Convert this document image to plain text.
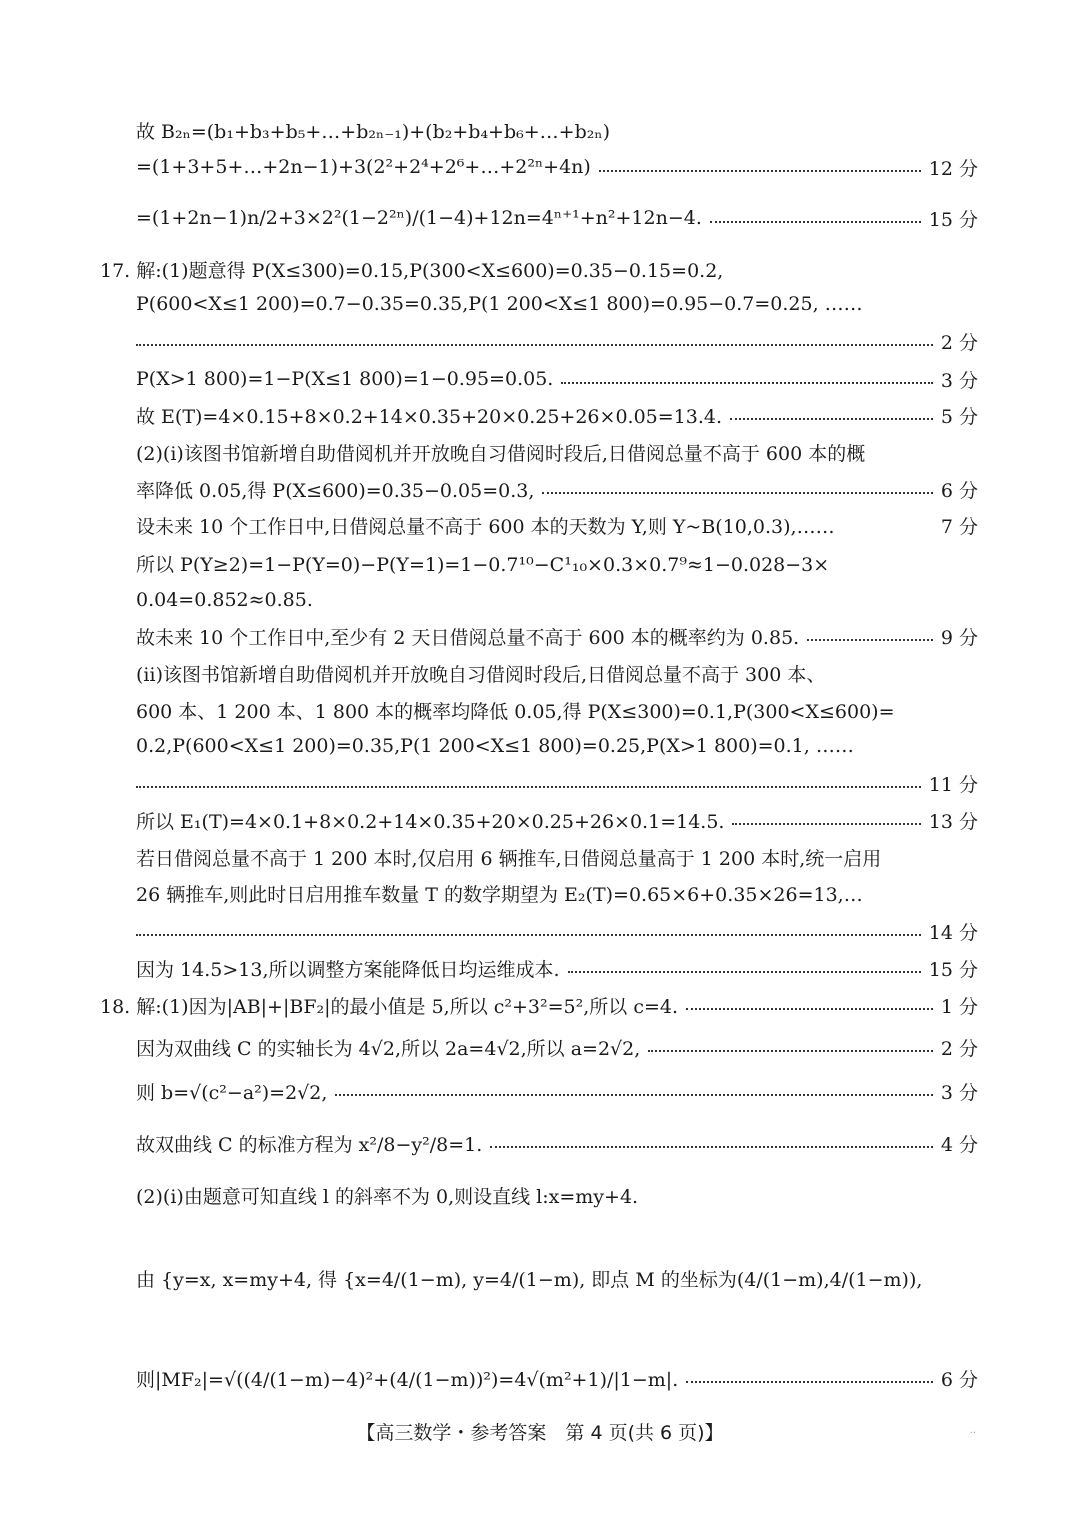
故 B₂ₙ=(b₁+b₃+b₅+…+b₂ₙ₋₁)+(b₂+b₄+b₆+…+b₂ₙ)
=(1+3+5+…+2n−1)+3(2²+2⁴+2⁶+…+2²ⁿ+4n)	12 分
=(1+2n−1)n/2+3×2²(1−2²ⁿ)/(1−4)+12n=4ⁿ⁺¹+n²+12n−4.	15 分
17. 解:(1)题意得 P(X≤300)=0.15,P(300<X≤600)=0.35−0.15=0.2,
P(600<X≤1 200)=0.7−0.35=0.35,P(1 200<X≤1 800)=0.95−0.7=0.25, ……
2 分
P(X>1 800)=1−P(X≤1 800)=1−0.95=0.05.	3 分
故 E(T)=4×0.15+8×0.2+14×0.35+20×0.25+26×0.05=13.4.	5 分
(2)(ⅰ)该图书馆新增自助借阅机并开放晚自习借阅时段后,日借阅总量不高于 600 本的概
率降低 0.05,得 P(X≤600)=0.35−0.05=0.3,	6 分
设未来 10 个工作日中,日借阅总量不高于 600 本的天数为 Y,则 Y~B(10,0.3),……	7 分
所以 P(Y≥2)=1−P(Y=0)−P(Y=1)=1−0.7¹⁰−C¹₁₀×0.3×0.7⁹≈1−0.028−3×
0.04=0.852≈0.85.
故未来 10 个工作日中,至少有 2 天日借阅总量不高于 600 本的概率约为 0.85.	9 分
(ⅱ)该图书馆新增自助借阅机并开放晚自习借阅时段后,日借阅总量不高于 300 本、
600 本、1 200 本、1 800 本的概率均降低 0.05,得 P(X≤300)=0.1,P(300<X≤600)=
0.2,P(600<X≤1 200)=0.35,P(1 200<X≤1 800)=0.25,P(X>1 800)=0.1, ……
11 分
所以 E₁(T)=4×0.1+8×0.2+14×0.35+20×0.25+26×0.1=14.5.	13 分
若日借阅总量不高于 1 200 本时,仅启用 6 辆推车,日借阅总量高于 1 200 本时,统一启用
26 辆推车,则此时日启用推车数量 T 的数学期望为 E₂(T)=0.65×6+0.35×26=13,…
14 分
因为 14.5>13,所以调整方案能降低日均运维成本.	15 分
18. 解:(1)因为|AB|+|BF₂|的最小值是 5,所以 c²+3²=5²,所以 c=4.	1 分
因为双曲线 C 的实轴长为 4√2,所以 2a=4√2,所以 a=2√2,	2 分
则 b=√(c²−a²)=2√2,	3 分
故双曲线 C 的标准方程为 x²/8−y²/8=1.	4 分
(2)(ⅰ)由题意可知直线 l 的斜率不为 0,则设直线 l:x=my+4.
由 {y=x, x=my+4, 得 {x=4/(1−m), y=4/(1−m), 即点 M 的坐标为(4/(1−m),4/(1−m)),
则|MF₂|=√((4/(1−m)−4)²+(4/(1−m))²)=4√(m²+1)/|1−m|.	6 分
【高三数学・参考答案　第 4 页(共 6 页)】	··
